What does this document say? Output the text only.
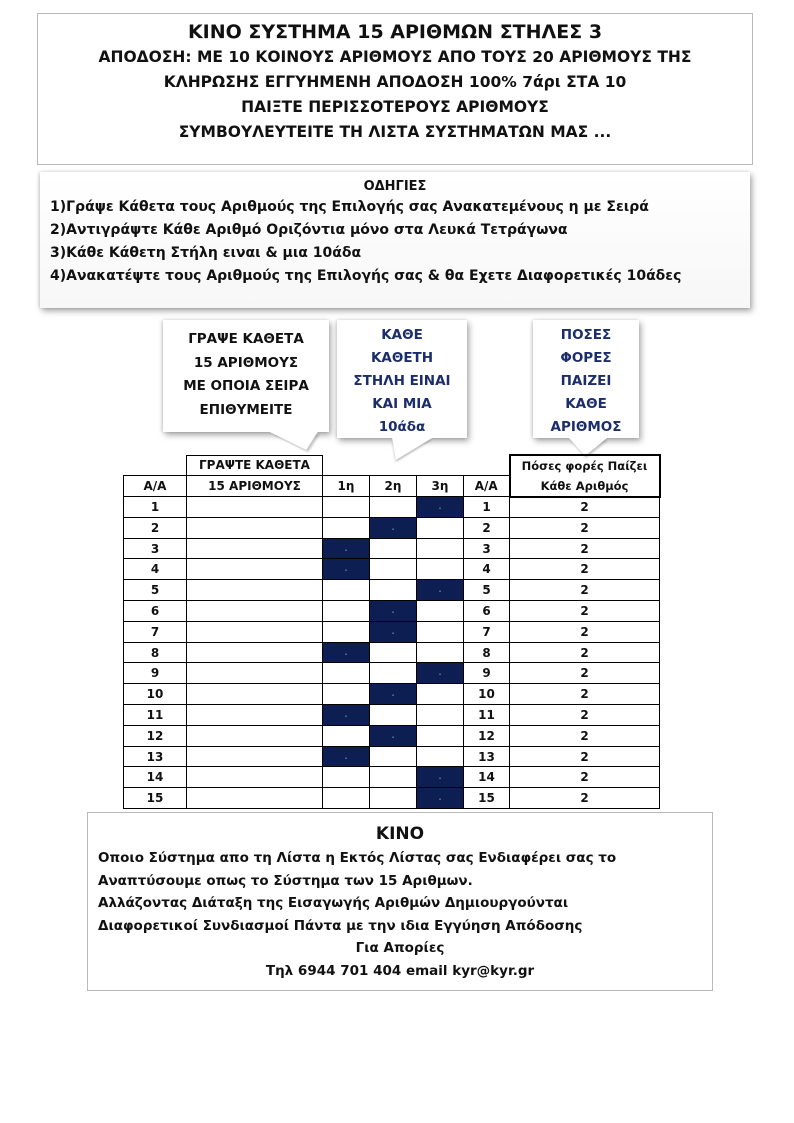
ΚΙΝΟ ΣΥΣΤΗΜΑ 15 ΑΡΙΘΜΩΝ ΣΤΗΛΕΣ 3
ΑΠΟΔΟΣΗ: ΜΕ 10 ΚΟΙΝΟΥΣ ΑΡΙΘΜΟΥΣ ΑΠΟ ΤΟΥΣ 20 ΑΡΙΘΜΟΥΣ ΤΗΣ
ΚΛΗΡΩΣΗΣ ΕΓΓΥΗΜΕΝΗ ΑΠΟΔΟΣΗ 100% 7άρι ΣΤΑ 10
ΠΑΙΞΤΕ ΠΕΡΙΣΣΟΤΕΡΟΥΣ ΑΡΙΘΜΟΥΣ
ΣΥΜΒΟΥΛΕΥΤΕΙΤΕ ΤΗ ΛΙΣΤΑ ΣΥΣΤΗΜΑΤΩΝ ΜΑΣ ...
ΟΔΗΓΙΕΣ
1)Γράψε Κάθετα τους Αριθμούς της Επιλογής σας Ανακατεμένους η με Σειρά
2)Αντιγράψτε Κάθε Αριθμό Οριζόντια μόνο στα Λευκά Τετράγωνα
3)Κάθε Κάθετη Στήλη ειναι & μια 10άδα
4)Ανακατέψτε τους Αριθμούς της Επιλογής σας & θα Εχετε Διαφορετικές 10άδες
ΓΡΑΨΕ ΚΑΘΕΤΑ
15 ΑΡΙΘΜΟΥΣ
ΜΕ ΟΠΟΙΑ ΣΕΙΡΑ
ΕΠΙΘΥΜΕΙΤΕ
ΚΑΘΕ
ΚΑΘΕΤΗ
ΣΤΗΛΗ ΕΙΝΑΙ
ΚΑΙ ΜΙΑ
10άδα
ΠΟΣΕΣ
ΦΟΡΕΣ
ΠΑΙΖΕΙ
ΚΑΘΕ
ΑΡΙΘΜΟΣ
	ΓΡΑΨΤΕ ΚΑΘΕΤΑ					Πόσες φορές Παίζει
Α/Α	15 ΑΡΙΘΜΟΥΣ	1η	2η	3η	Α/Α	Κάθε Αριθμός
1				.	1	2
2			.		2	2
3		.			3	2
4		.			4	2
5				.	5	2
6			.		6	2
7			.		7	2
8		.			8	2
9				.	9	2
10			.		10	2
11		.			11	2
12			.		12	2
13		.			13	2
14				.	14	2
15				.	15	2
ΚΙΝΟ
Οποιο Σύστημα απο τη Λίστα η Εκτός Λίστας σας Ενδιαφέρει σας το
Αναπτύσουμε οπως το Σύστημα των 15 Αριθμων.
Αλλάζοντας Διάταξη της Εισαγωγής Αριθμών Δημιουργούνται
Διαφορετικοί Συνδιασμοί Πάντα με την ιδια Εγγύηση Απόδοσης
Για Απορίες
Τηλ 6944 701 404 email kyr@kyr.gr
